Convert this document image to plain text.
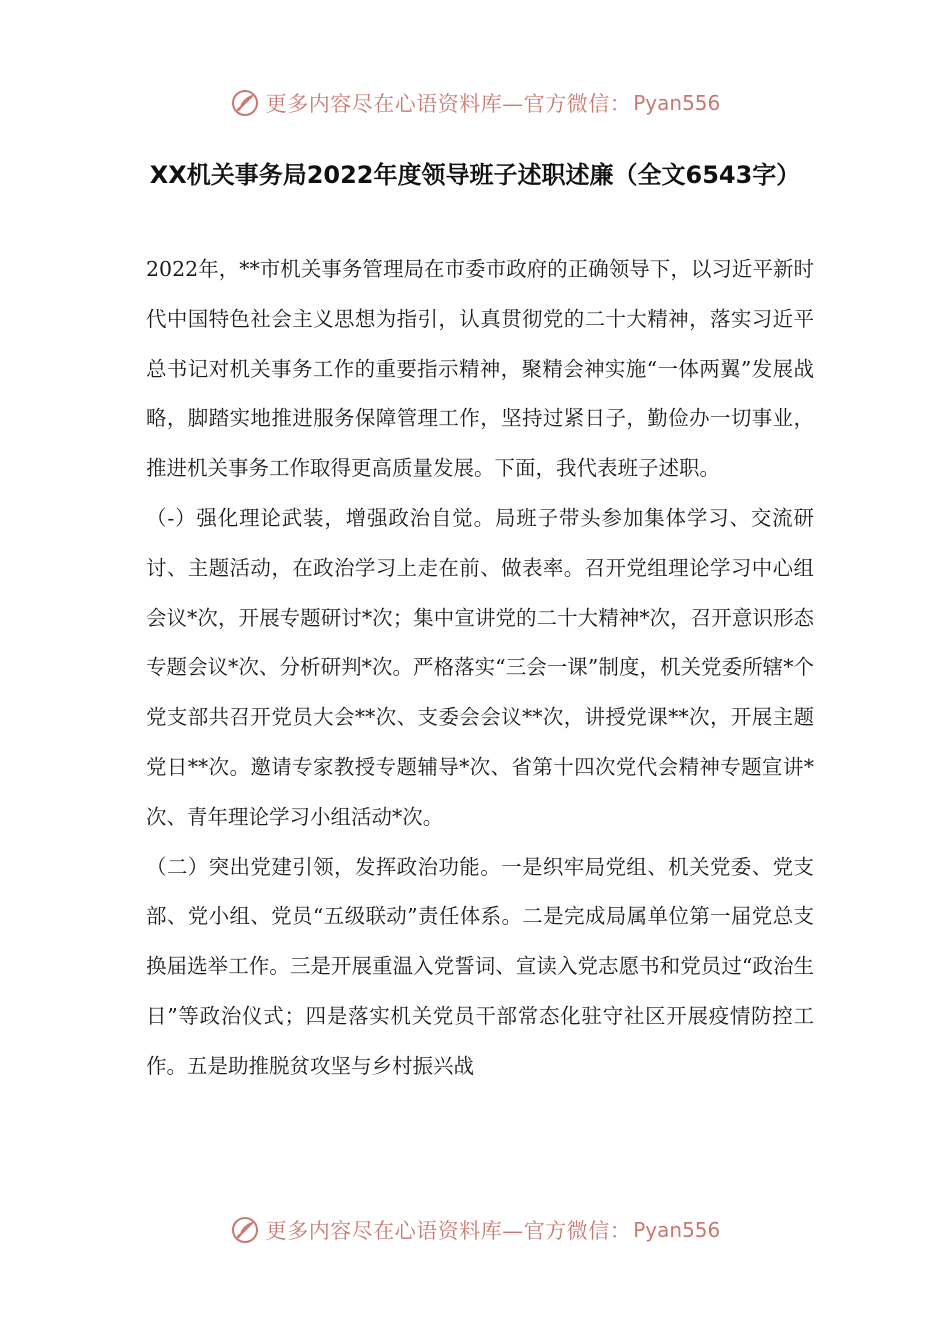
更多内容尽在心语资料库—官方微信： Pyan556
XX机关事务局2022年度领导班子述职述廉（全文6543字）

2022年，**市机关事务管理局在市委市政府的正确领导下，以习近平新时代中国特色社会主义思想为指引，认真贯彻党的二十大精神，落实习近平总书记对机关事务工作的重要指示精神，聚精会神实施“一体两翼”发展战略，脚踏实地推进服务保障管理工作，坚持过紧日子，勤俭办一切事业，推进机关事务工作取得更高质量发展。下面，我代表班子述职。

（-）强化理论武装，增强政治自觉。局班子带头参加集体学习、交流研讨、主题活动，在政治学习上走在前、做表率。召开党组理论学习中心组会议*次，开展专题研讨*次；集中宣讲党的二十大精神*次，召开意识形态专题会议*次、分析研判*次。严格落实“三会一课”制度，机关党委所辖*个党支部共召开党员大会**次、支委会会议**次，讲授党课**次，开展主题党日**次。邀请专家教授专题辅导*次、省第十四次党代会精神专题宣讲*次、青年理论学习小组活动*次。

（二）突出党建引领，发挥政治功能。一是织牢局党组、机关党委、党支部、党小组、党员“五级联动”责任体系。二是完成局属单位第一届党总支换届选举工作。三是开展重温入党誓词、宣读入党志愿书和党员过“政治生日”等政治仪式；四是落实机关党员干部常态化驻守社区开展疫情防控工作。五是助推脱贫攻坚与乡村振兴战

更多内容尽在心语资料库—官方微信： Pyan556
